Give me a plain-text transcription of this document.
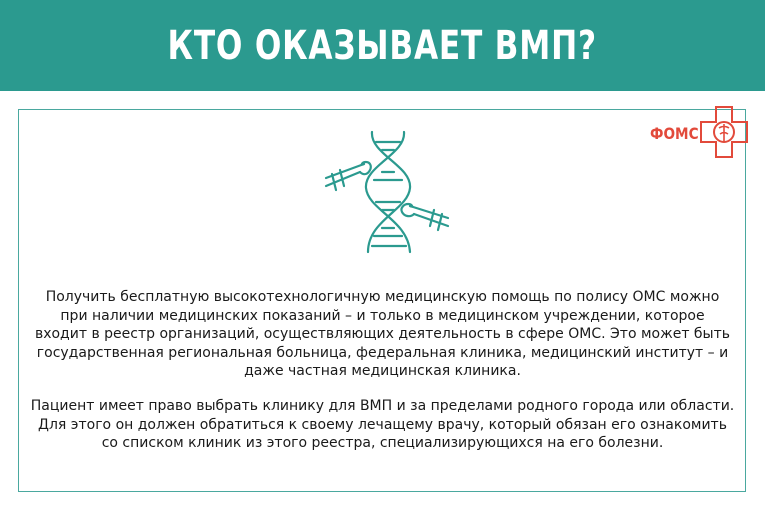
КТО ОКАЗЫВАЕТ ВМП?
ФОМС
Получить бесплатную высокотехнологичную медицинскую помощь по полису ОМС можно
при наличии медицинских показаний – и только в медицинском учреждении, которое
входит в реестр организаций, осуществляющих деятельность в сфере ОМС. Это может быть
государственная региональная больница, федеральная клиника, медицинский институт – и
даже частная медицинская клиника.
Пациент имеет право выбрать клинику для ВМП и за пределами родного города или области.
Для этого он должен обратиться к своему лечащему врачу, который обязан его ознакомить
со списком клиник из этого реестра, специализирующихся на его болезни.
